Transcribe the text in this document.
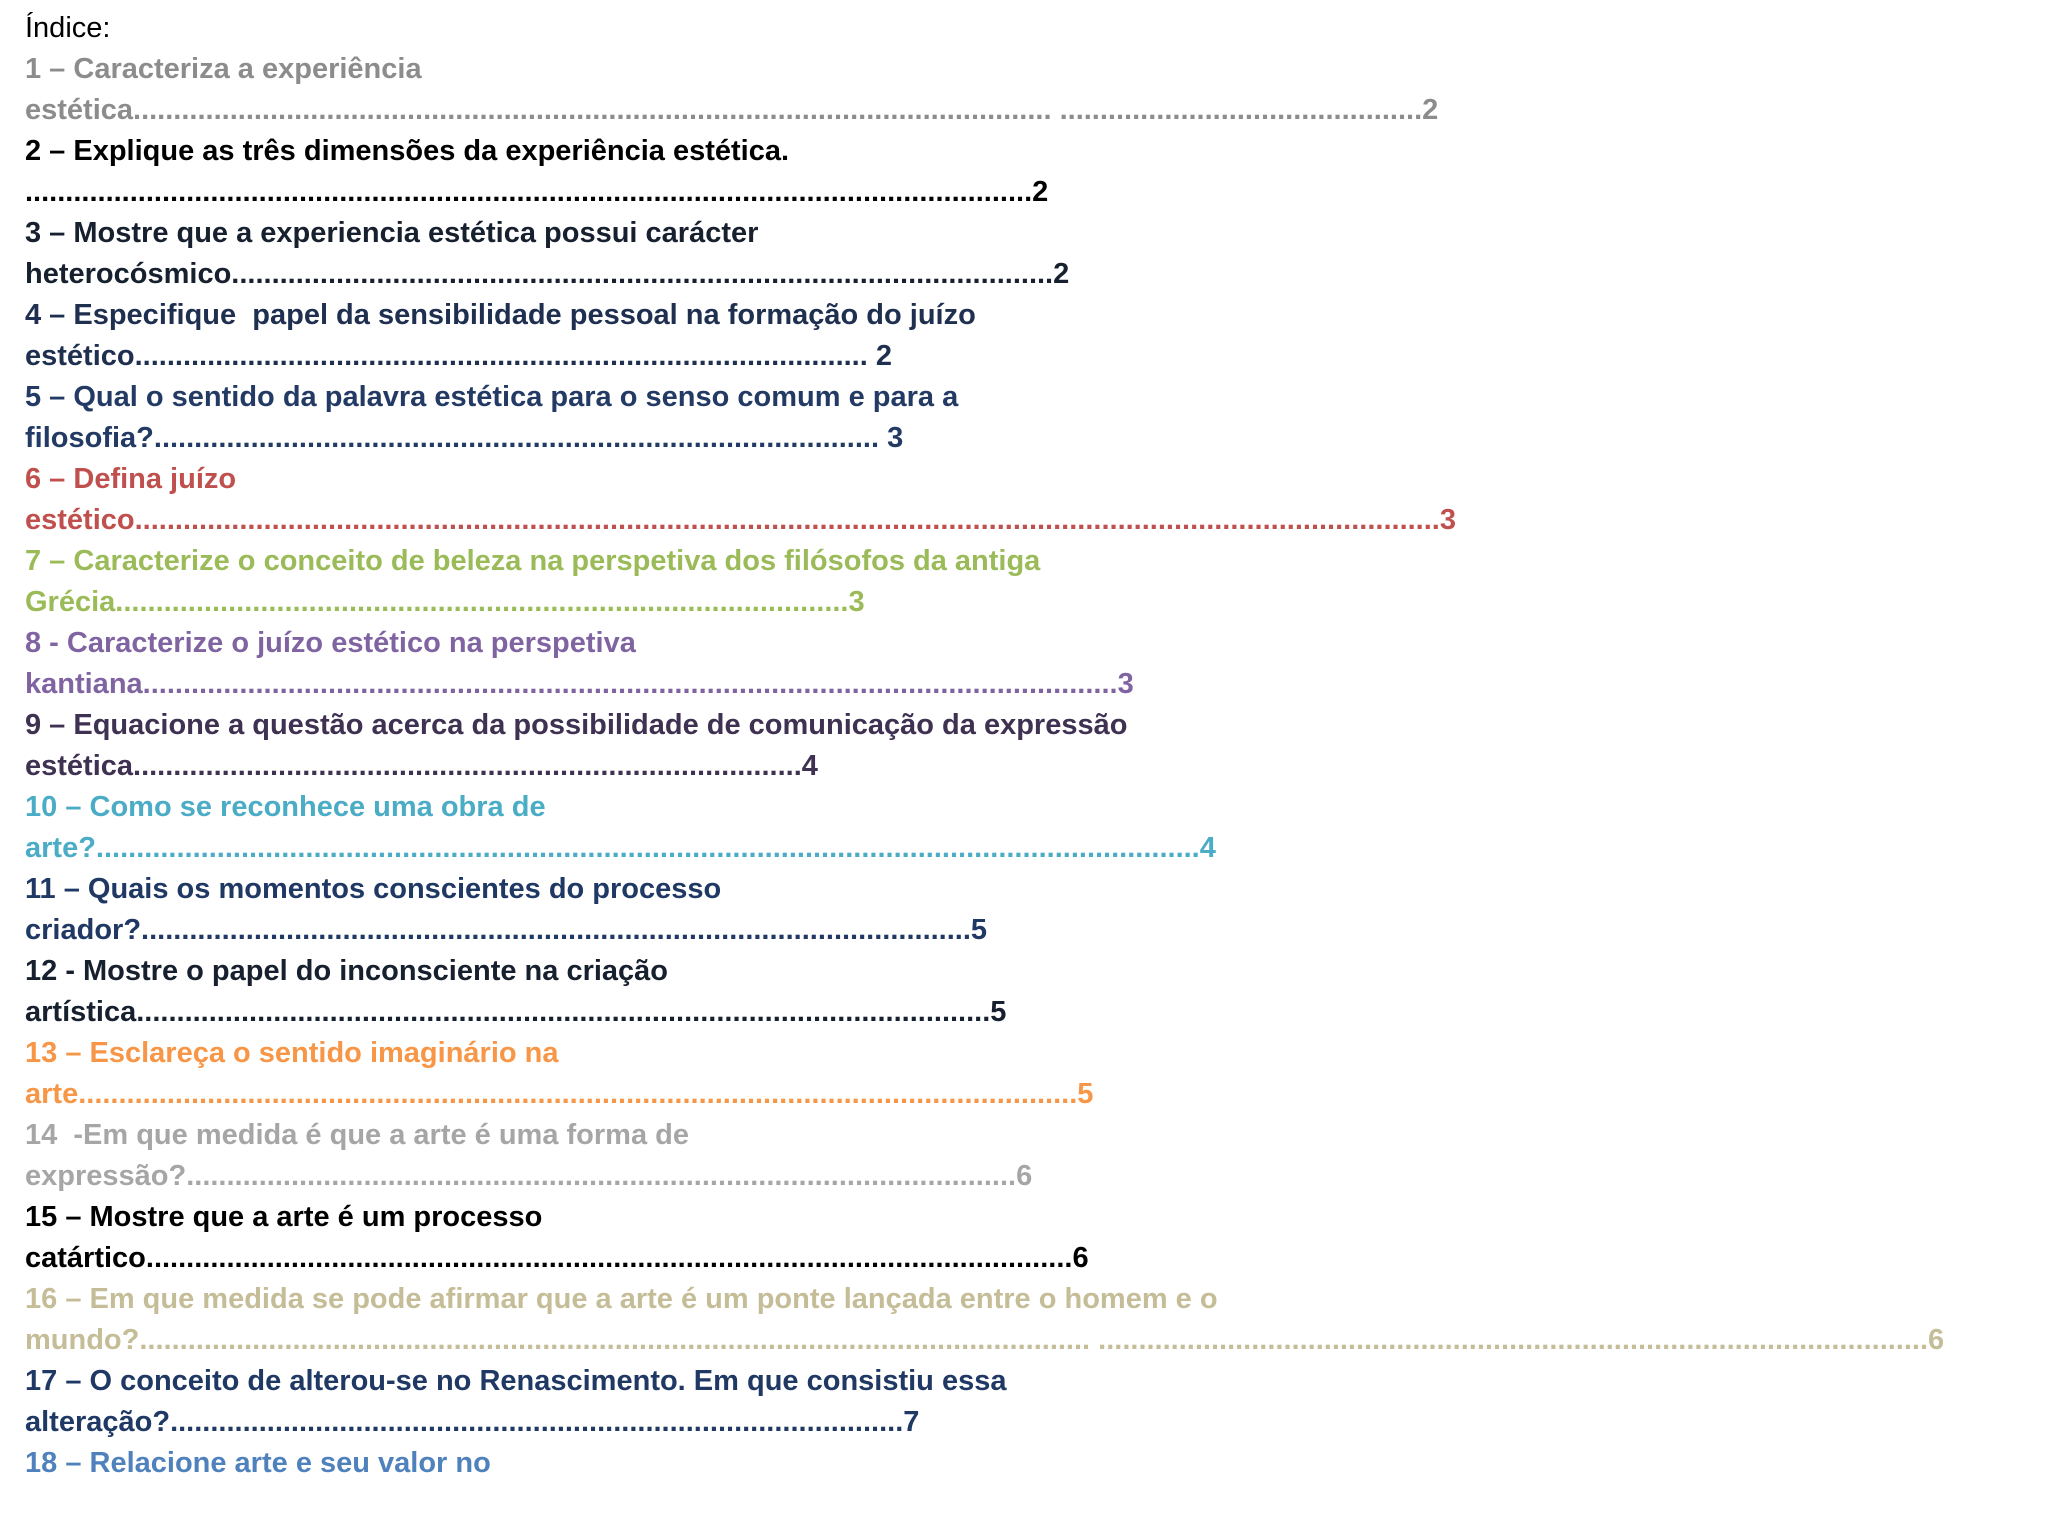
Índice:
1 – Caracteriza a experiência
estética.................................................................................................................. .............................................2
2 – Explique as três dimensões da experiência estética.
.............................................................................................................................2
3 – Mostre que a experiencia estética possui carácter
heterocósmico......................................................................................................2
4 – Especifique  papel da sensibilidade pessoal na formação do juízo
estético........................................................................................... 2
5 – Qual o sentido da palavra estética para o senso comum e para a
filosofia?.......................................................................................... 3
6 – Defina juízo
estético..................................................................................................................................................................3
7 – Caracterize o conceito de beleza na perspetiva dos filósofos da antiga
Grécia...........................................................................................3
8 - Caracterize o juízo estético na perspetiva
kantiana.........................................................................................................................3
9 – Equacione a questão acerca da possibilidade de comunicação da expressão
estética...................................................................................4
10 – Como se reconhece uma obra de
arte?.........................................................................................................................................4
11 – Quais os momentos conscientes do processo
criador?.......................................................................................................5
12 - Mostre o papel do inconsciente na criação
artística..........................................................................................................5
13 – Esclareça o sentido imaginário na
arte............................................................................................................................5
14  -Em que medida é que a arte é uma forma de
expressão?.......................................................................................................6
15 – Mostre que a arte é um processo
catártico...................................................................................................................6
16 – Em que medida se pode afirmar que a arte é um ponte lançada entre o homem e o
mundo?...................................................................................................................... .......................................................................................................6
17 – O conceito de alterou-se no Renascimento. Em que consistiu essa
alteração?...........................................................................................7
18 – Relacione arte e seu valor no
